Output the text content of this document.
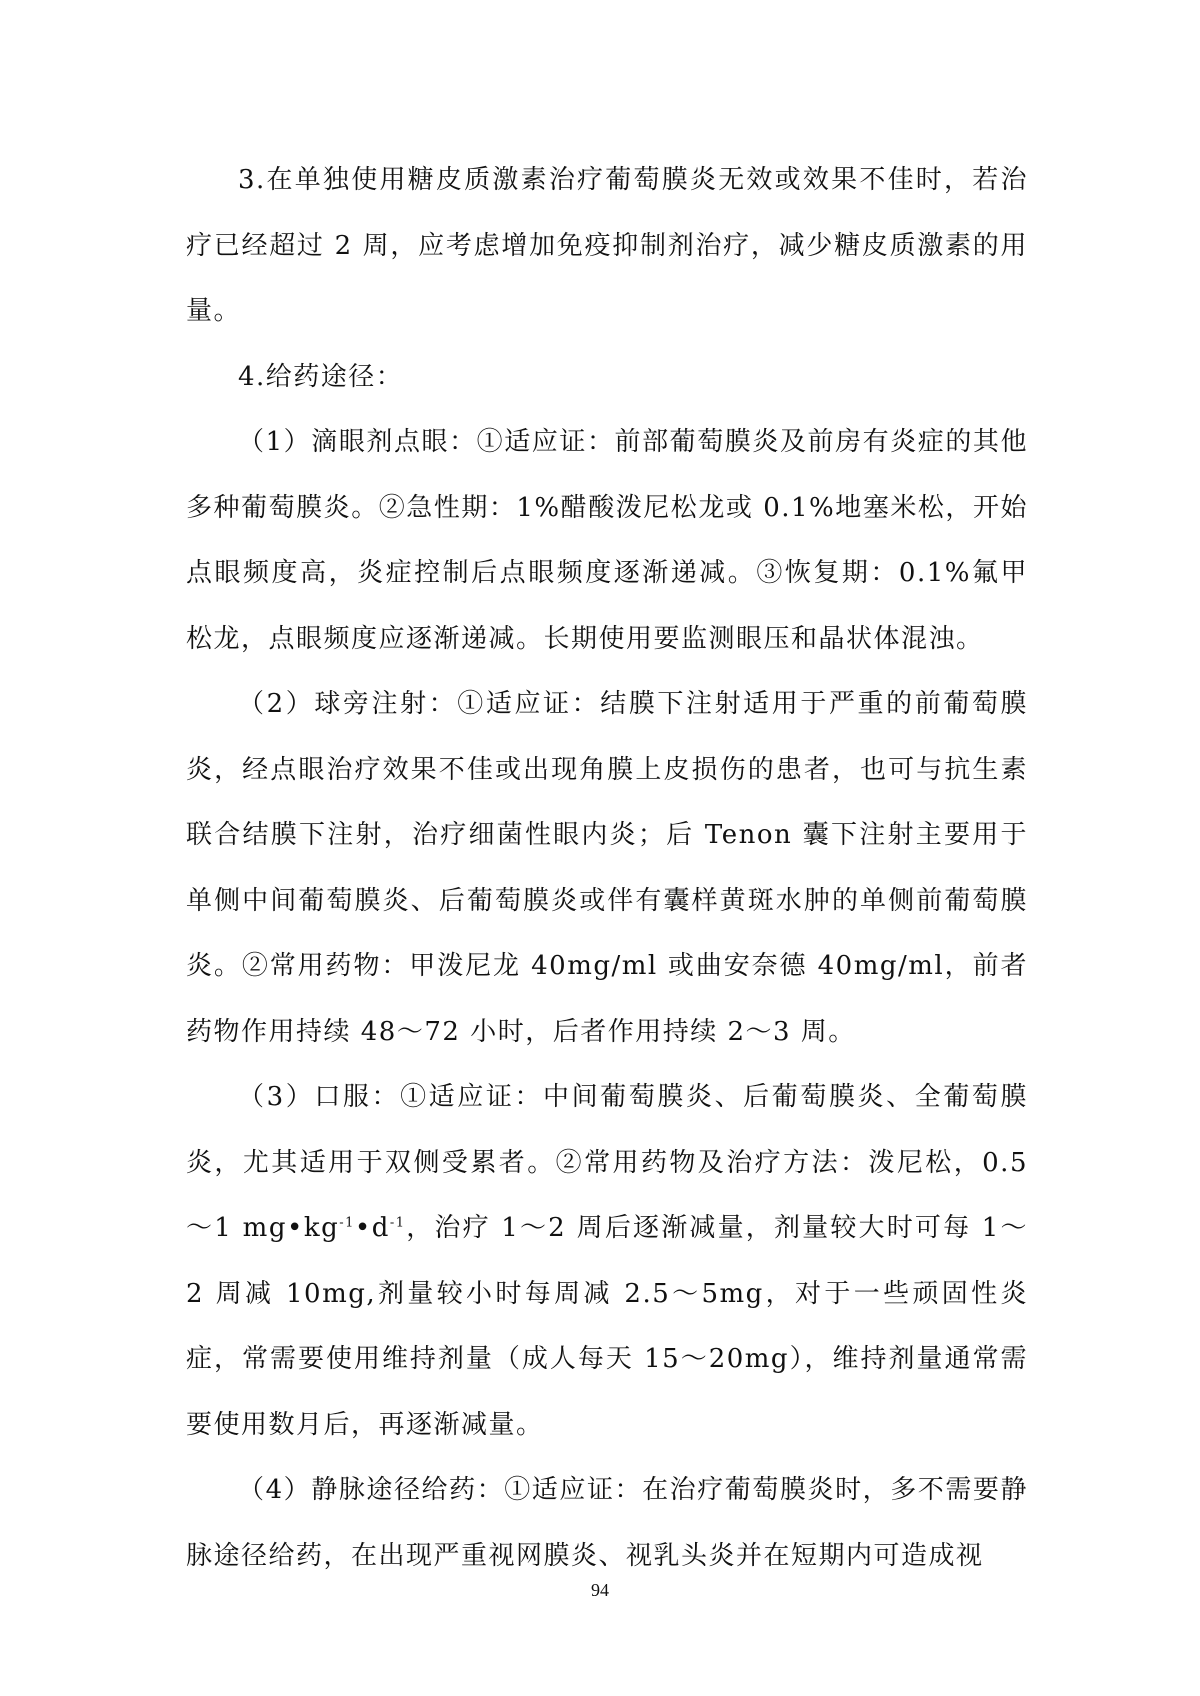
3.在单独使用糖皮质激素治疗葡萄膜炎无效或效果不佳时，若治疗已经超过 2 周，应考虑增加免疫抑制剂治疗，减少糖皮质激素的用量。

4.给药途径：

（1）滴眼剂点眼：①适应证：前部葡萄膜炎及前房有炎症的其他多种葡萄膜炎。②急性期：1%醋酸泼尼松龙或 0.1%地塞米松，开始点眼频度高，炎症控制后点眼频度逐渐递减。③恢复期：0.1%氟甲松龙，点眼频度应逐渐递减。长期使用要监测眼压和晶状体混浊。

（2）球旁注射：①适应证：结膜下注射适用于严重的前葡萄膜炎，经点眼治疗效果不佳或出现角膜上皮损伤的患者，也可与抗生素联合结膜下注射，治疗细菌性眼内炎；后 Tenon 囊下注射主要用于单侧中间葡萄膜炎、后葡萄膜炎或伴有囊样黄斑水肿的单侧前葡萄膜炎。②常用药物：甲泼尼龙 40mg/ml 或曲安奈德 40mg/ml，前者药物作用持续 48～72 小时，后者作用持续 2～3 周。

（3）口服：①适应证：中间葡萄膜炎、后葡萄膜炎、全葡萄膜炎，尤其适用于双侧受累者。②常用药物及治疗方法：泼尼松，0.5～1 $mg•kg^{-1}•d^{-1}$，治疗 1～2 周后逐渐减量，剂量较大时可每 1～2 周减 10mg,剂量较小时每周减 2.5～5mg，对于一些顽固性炎症，常需要使用维持剂量（成人每天 15～20mg），维持剂量通常需要使用数月后，再逐渐减量。

（4）静脉途径给药：①适应证：在治疗葡萄膜炎时，多不需要静脉途径给药，在出现严重视网膜炎、视乳头炎并在短期内可造成视

94
